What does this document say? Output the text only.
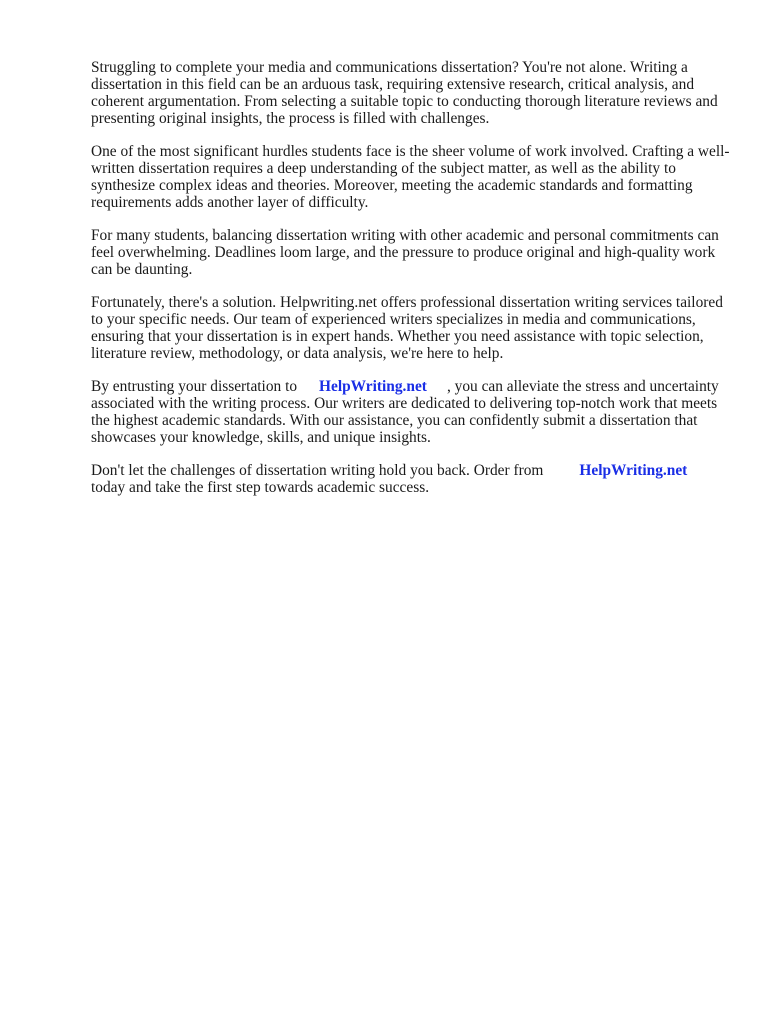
Struggling to complete your media and communications dissertation? You're not alone. Writing a dissertation in this field can be an arduous task, requiring extensive research, critical analysis, and coherent argumentation. From selecting a suitable topic to conducting thorough literature reviews and presenting original insights, the process is filled with challenges.

One of the most significant hurdles students face is the sheer volume of work involved. Crafting a well-written dissertation requires a deep understanding of the subject matter, as well as the ability to synthesize complex ideas and theories. Moreover, meeting the academic standards and formatting requirements adds another layer of difficulty.

For many students, balancing dissertation writing with other academic and personal commitments can feel overwhelming. Deadlines loom large, and the pressure to produce original and high-quality work can be daunting.

Fortunately, there's a solution. Helpwriting.net offers professional dissertation writing services tailored to your specific needs. Our team of experienced writers specializes in media and communications, ensuring that your dissertation is in expert hands. Whether you need assistance with topic selection, literature review, methodology, or data analysis, we're here to help.

By entrusting your dissertation to HelpWriting.net , you can alleviate the stress and uncertainty associated with the writing process. Our writers are dedicated to delivering top-notch work that meets the highest academic standards. With our assistance, you can confidently submit a dissertation that showcases your knowledge, skills, and unique insights.

Don't let the challenges of dissertation writing hold you back. Order from HelpWriting.net
today and take the first step towards academic success.
